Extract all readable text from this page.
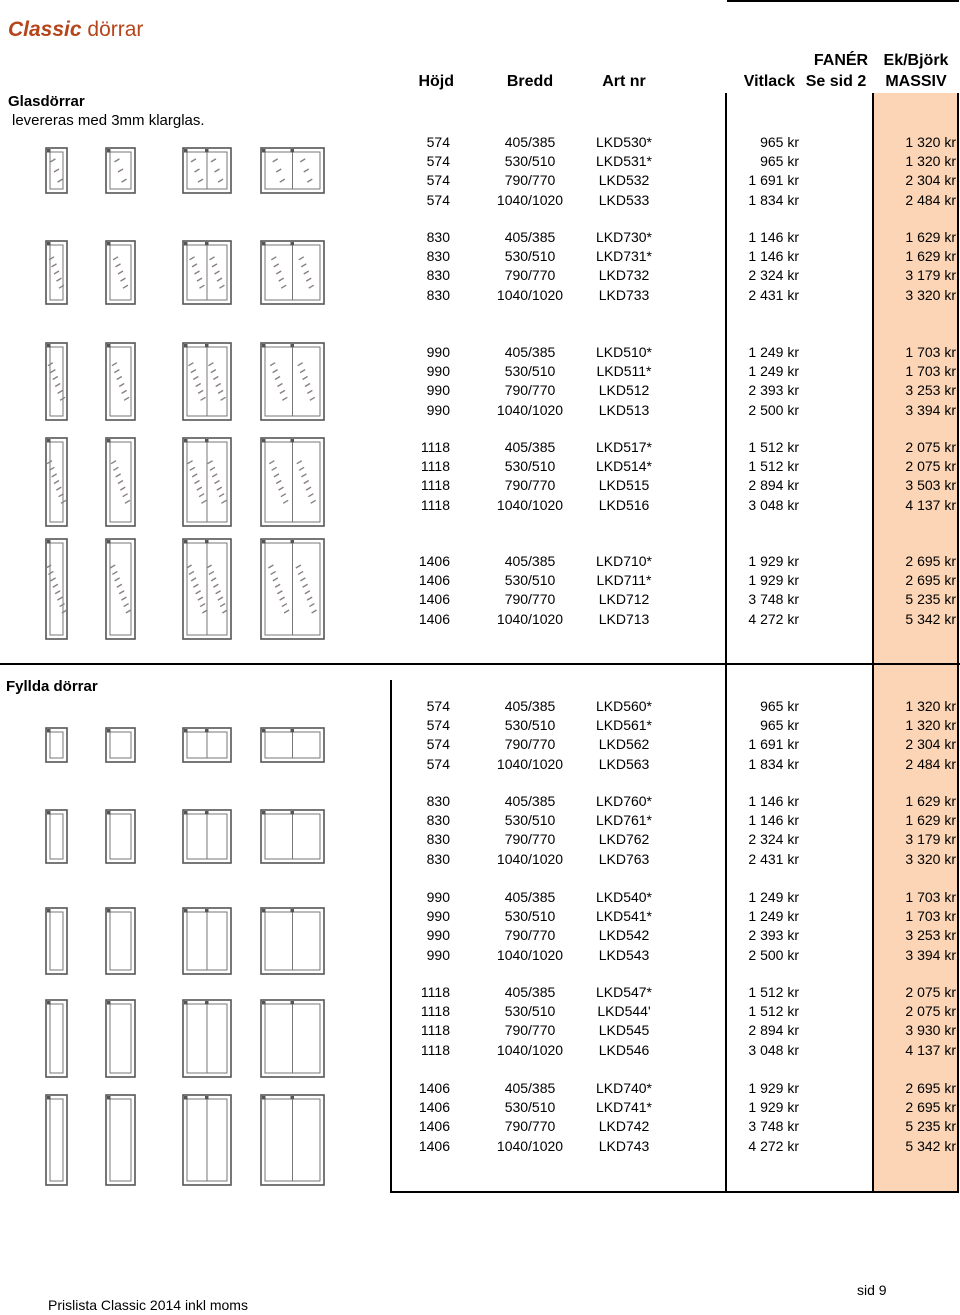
Classic dörrar
FANÉR Ek/Björk
Höjd	Bredd	Art nr	Vitlack Se sid 2	MASSIV
Glasdörrar
levereras med 3mm klarglas.
Fyllda dörrar
574	405/385	LKD530*	965 kr	1 320 kr
574	530/510	LKD531*	965 kr	1 320 kr
574	790/770	LKD532	1 691 kr	2 304 kr
574	1040/1020	LKD533	1 834 kr	2 484 kr
830	405/385	LKD730*	1 146 kr	1 629 kr
830	530/510	LKD731*	1 146 kr	1 629 kr
830	790/770	LKD732	2 324 kr	3 179 kr
830	1040/1020	LKD733	2 431 kr	3 320 kr
990	405/385	LKD510*	1 249 kr	1 703 kr
990	530/510	LKD511*	1 249 kr	1 703 kr
990	790/770	LKD512	2 393 kr	3 253 kr
990	1040/1020	LKD513	2 500 kr	3 394 kr
1118	405/385	LKD517*	1 512 kr	2 075 kr
1118	530/510	LKD514*	1 512 kr	2 075 kr
1118	790/770	LKD515	2 894 kr	3 503 kr
1118	1040/1020	LKD516	3 048 kr	4 137 kr
1406	405/385	LKD710*	1 929 kr	2 695 kr
1406	530/510	LKD711*	1 929 kr	2 695 kr
1406	790/770	LKD712	3 748 kr	5 235 kr
1406	1040/1020	LKD713	4 272 kr	5 342 kr
574	405/385	LKD560*	965 kr	1 320 kr
574	530/510	LKD561*	965 kr	1 320 kr
574	790/770	LKD562	1 691 kr	2 304 kr
574	1040/1020	LKD563	1 834 kr	2 484 kr
830	405/385	LKD760*	1 146 kr	1 629 kr
830	530/510	LKD761*	1 146 kr	1 629 kr
830	790/770	LKD762	2 324 kr	3 179 kr
830	1040/1020	LKD763	2 431 kr	3 320 kr
990	405/385	LKD540*	1 249 kr	1 703 kr
990	530/510	LKD541*	1 249 kr	1 703 kr
990	790/770	LKD542	2 393 kr	3 253 kr
990	1040/1020	LKD543	2 500 kr	3 394 kr
1118	405/385	LKD547*	1 512 kr	2 075 kr
1118	530/510	LKD544'	1 512 kr	2 075 kr
1118	790/770	LKD545	2 894 kr	3 930 kr
1118	1040/1020	LKD546	3 048 kr	4 137 kr
1406	405/385	LKD740*	1 929 kr	2 695 kr
1406	530/510	LKD741*	1 929 kr	2 695 kr
1406	790/770	LKD742	3 748 kr	5 235 kr
1406	1040/1020	LKD743	4 272 kr	5 342 kr
Prislista Classic 2014 inkl moms
sid 9
